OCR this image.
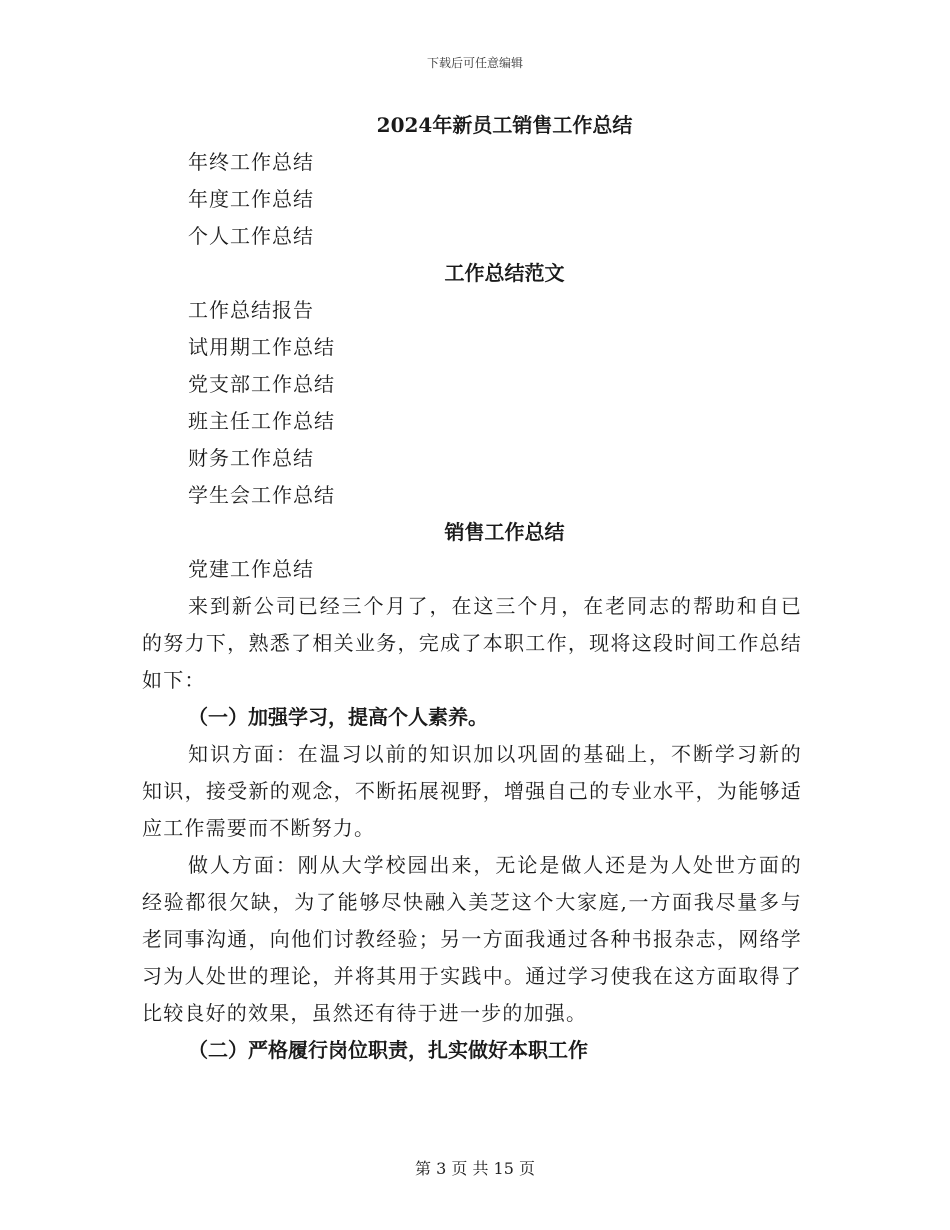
下载后可任意编辑
2024年新员工销售工作总结
年终工作总结
年度工作总结
个人工作总结
工作总结范文
工作总结报告
试用期工作总结
党支部工作总结
班主任工作总结
财务工作总结
学生会工作总结
销售工作总结
党建工作总结

来到新公司已经三个月了，在这三个月，在老同志的帮助和自已的努力下，熟悉了相关业务，完成了本职工作，现将这段时间工作总结如下：

（一）加强学习，提高个人素养。

知识方面：在温习以前的知识加以巩固的基础上，不断学习新的知识，接受新的观念，不断拓展视野，增强自己的专业水平，为能够适应工作需要而不断努力。

做人方面：刚从大学校园出来，无论是做人还是为人处世方面的经验都很欠缺，为了能够尽快融入美芝这个大家庭,一方面我尽量多与老同事沟通，向他们讨教经验；另一方面我通过各种书报杂志，网络学习为人处世的理论，并将其用于实践中。通过学习使我在这方面取得了比较良好的效果，虽然还有待于进一步的加强。

（二）严格履行岗位职责，扎实做好本职工作

第 3 页 共 15 页
